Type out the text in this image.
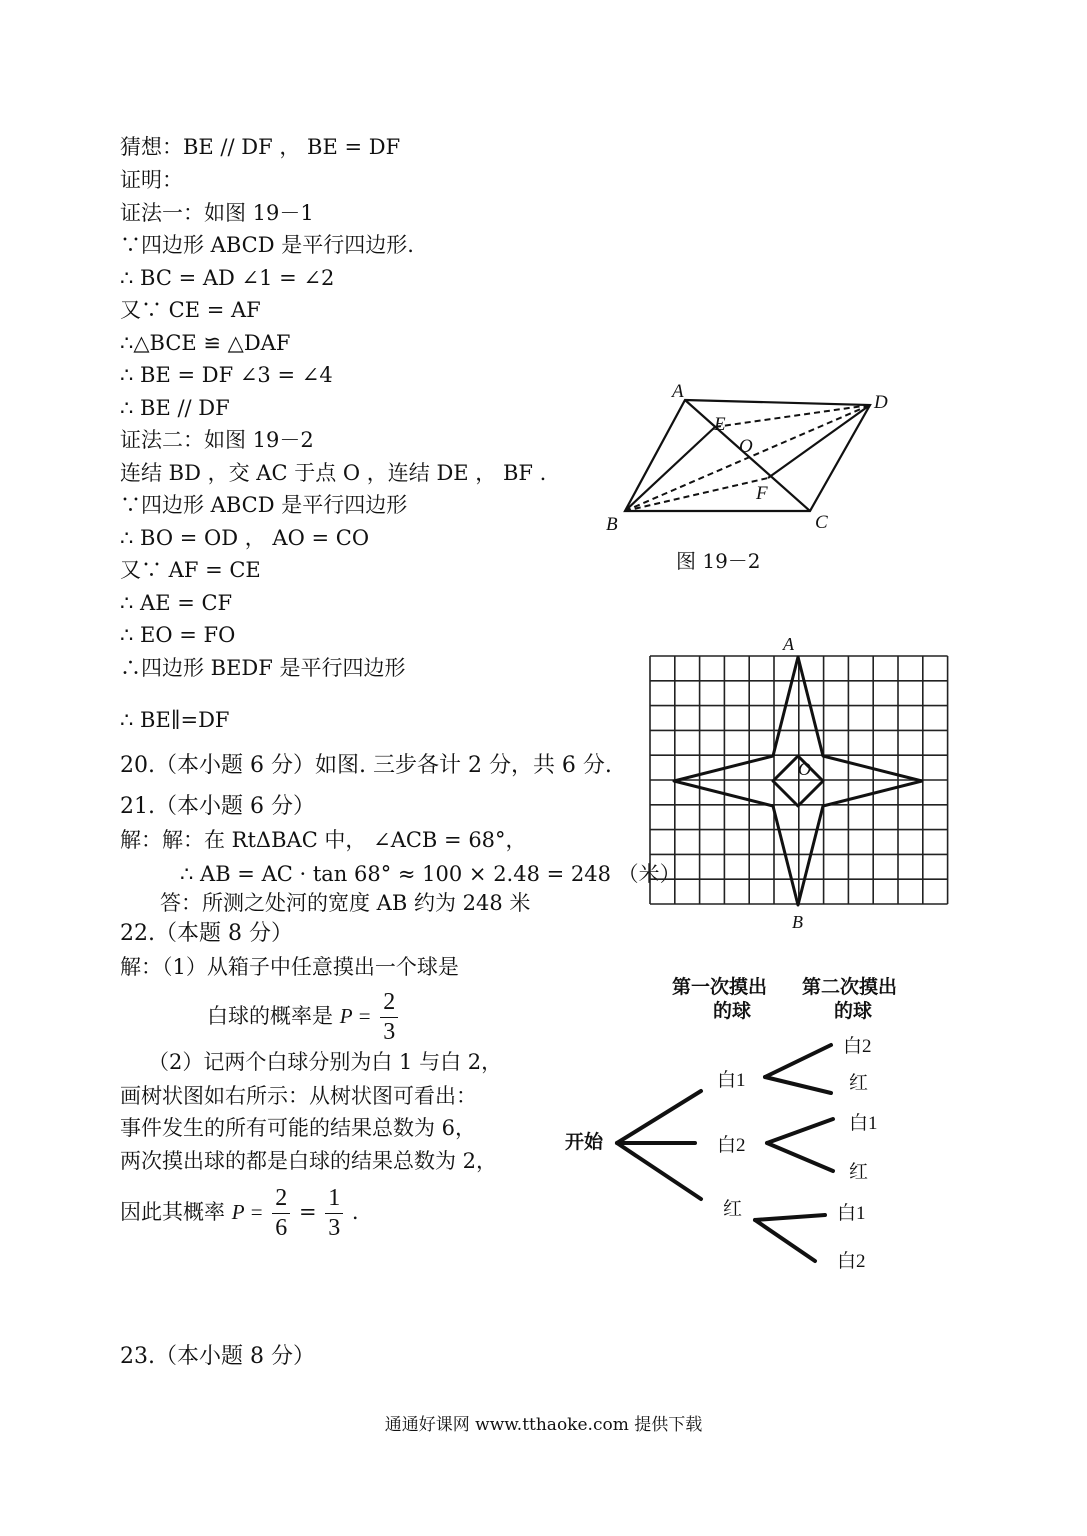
猜想：BE // DF ， BE = DF
证明：
证法一：如图 19－1
∵四边形 ABCD 是平行四边形.
∴ BC = AD ∠1 = ∠2
又∵ CE = AF
∴△BCE ≌ △DAF
∴ BE = DF ∠3 = ∠4
∴ BE // DF
证法二：如图 19－2
连结 BD ，交 AC 于点 O ，连结 DE ， BF .
∵四边形 ABCD 是平行四边形
∴ BO = OD ， AO = CO
又∵ AF = CE
∴ AE = CF
∴ EO = FO
∴四边形 BEDF 是平行四边形
∴ BE∥=DF
20.（本小题 6 分）如图. 三步各计 2 分，共 6 分.
21.（本小题 6 分）
解：解：在 RtΔBAC 中， ∠ACB = 68°，
∴ AB = AC · tan 68° ≈ 100 × 2.48 = 248 （米）
答：所测之处河的宽度 AB 约为 248 米
22.（本题 8 分）
解：（1）从箱子中任意摸出一个球是
白球的概率是 $P = \frac{2}{3}$
（2）记两个白球分别为白 1 与白 2，
画树状图如右所示：从树状图可看出：
事件发生的所有可能的结果总数为 6，
两次摸出球的都是白球的结果总数为 2，
因此其概率 $P = \frac{2}{6} = \frac{1}{3}$ .
23.（本小题 8 分）
A
D
E
O
F
B	C
图 19－2
A
O
B
第一次摸出
的球
第二次摸出
的球
开始
白1
白2
红
白2
红
白1
红
白1
白2
通通好课网 www.tthaoke.com 提供下载
